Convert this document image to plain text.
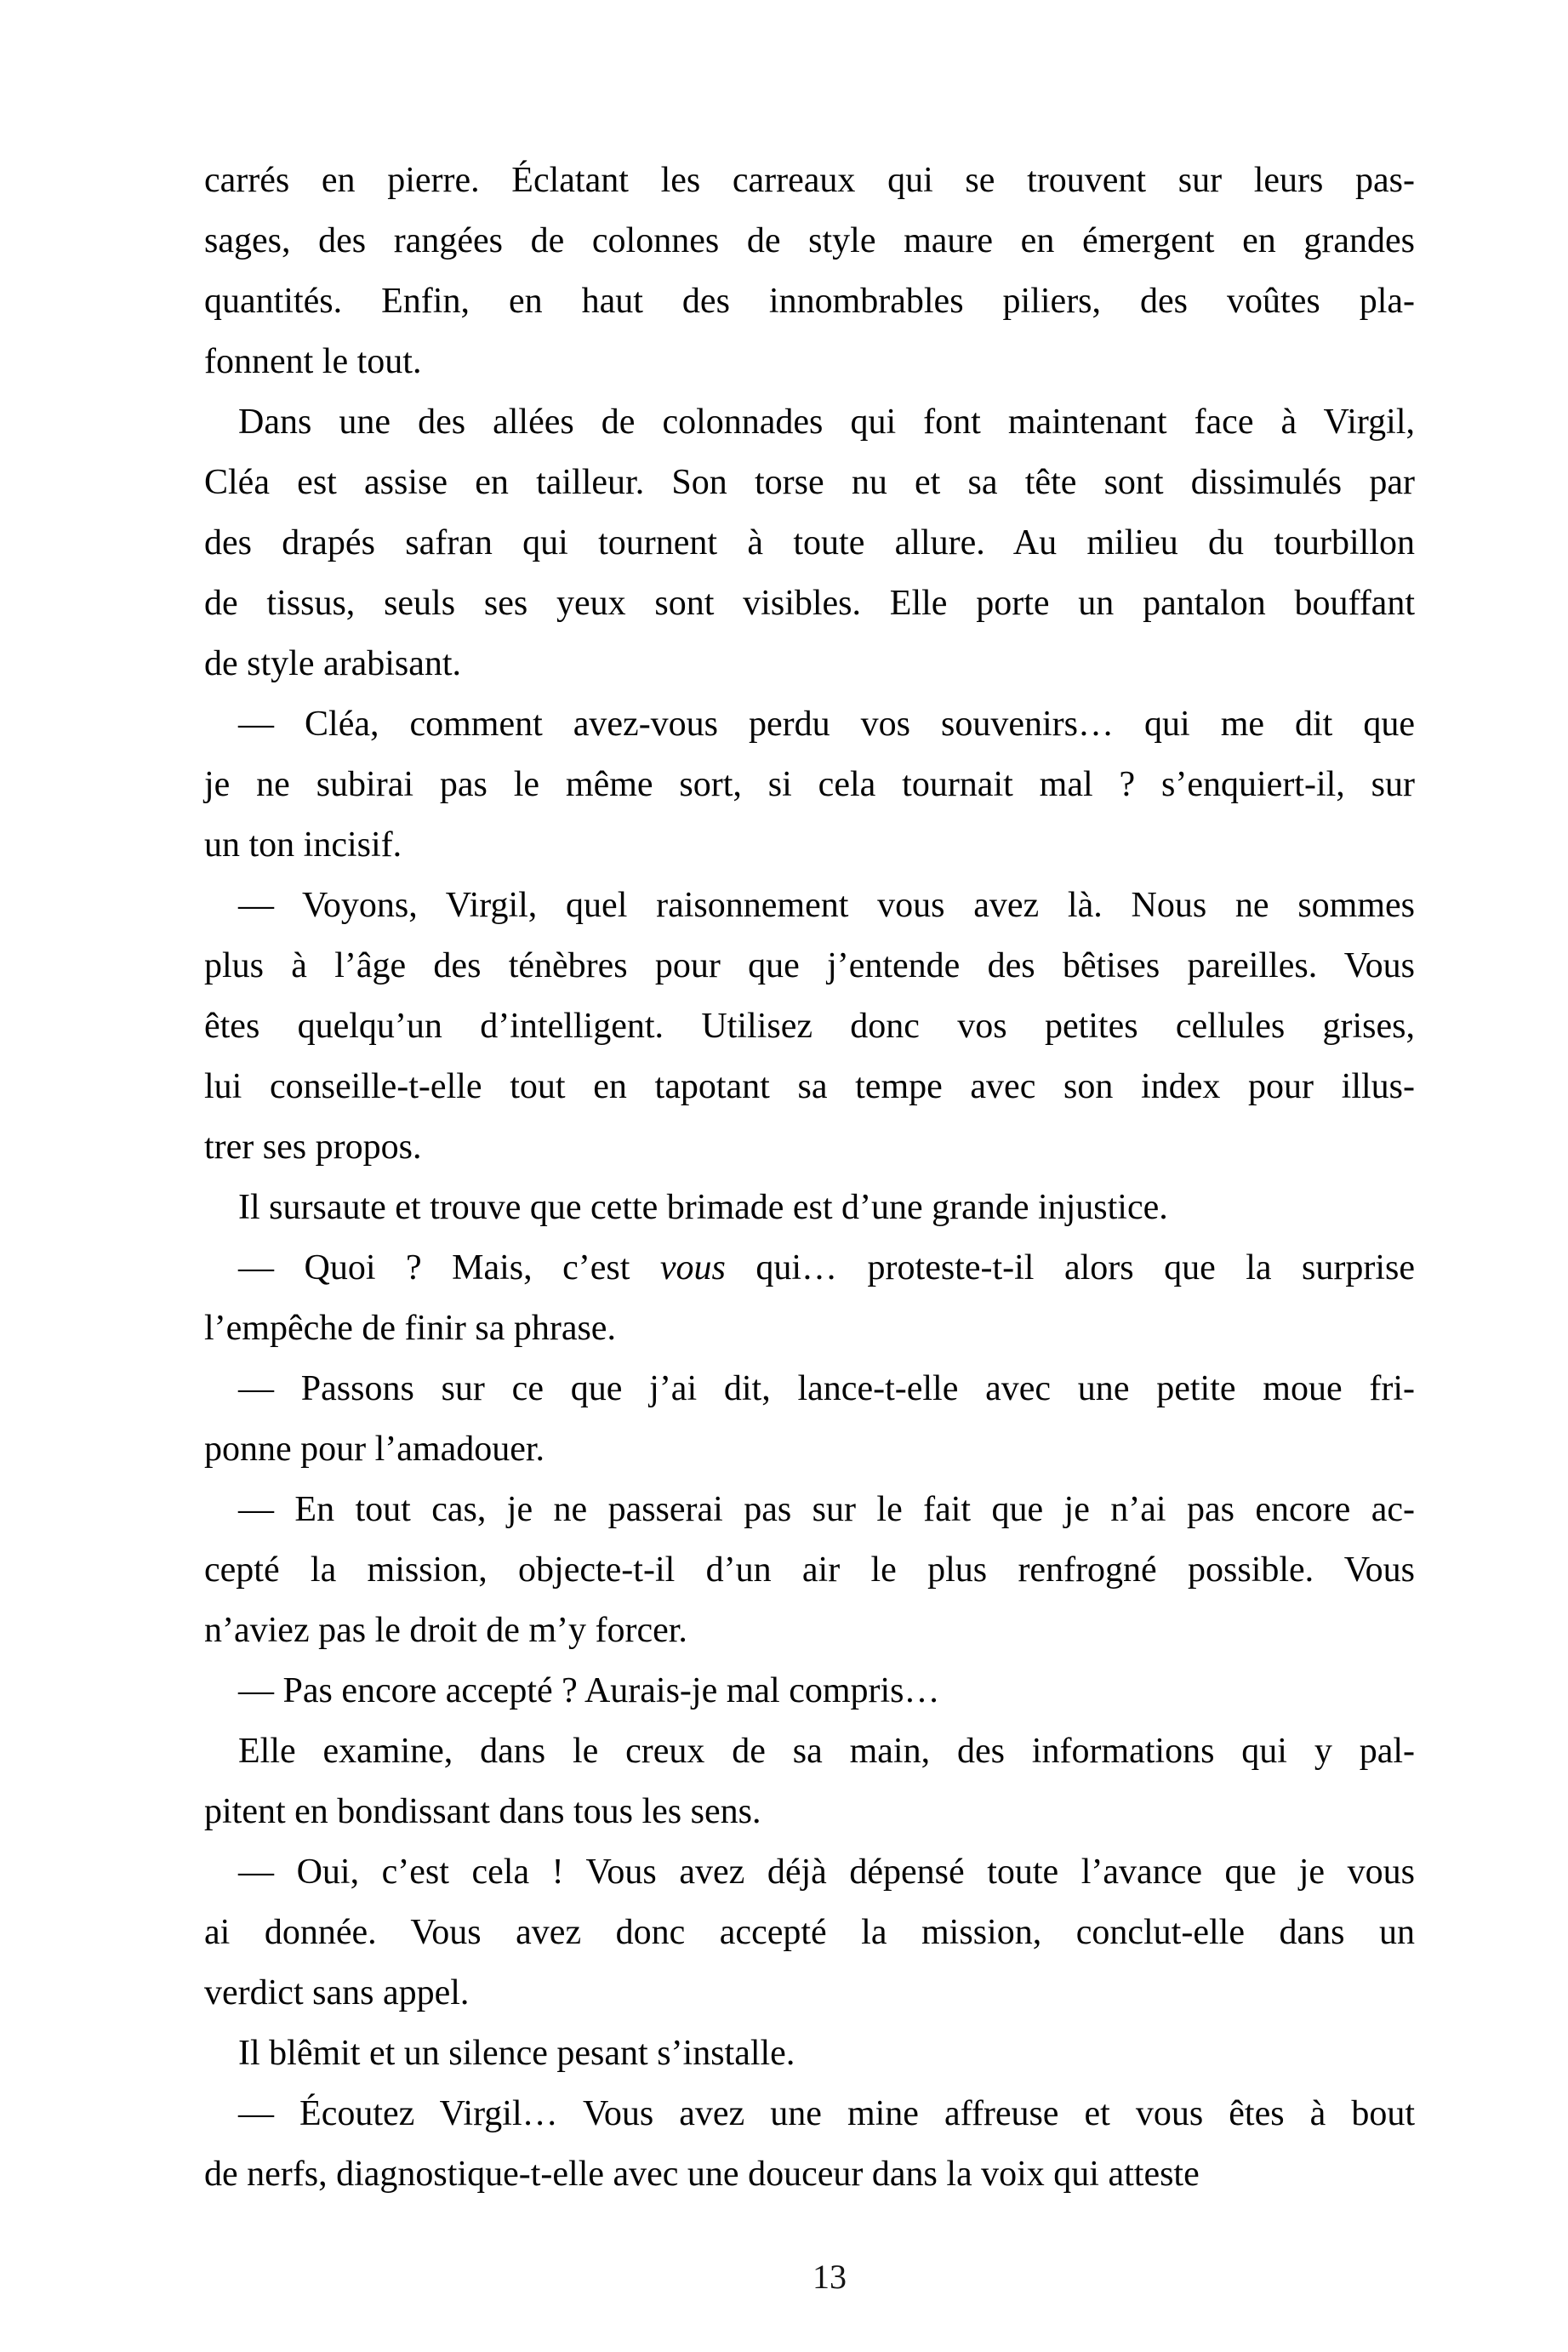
carrés en pierre. Éclatant les carreaux qui se trouvent sur leurs pas-
sages, des rangées de colonnes de style maure en émergent en grandes
quantités. Enfin, en haut des innombrables piliers, des voûtes pla-
fonnent le tout.
Dans une des allées de colonnades qui font maintenant face à Virgil,
Cléa est assise en tailleur. Son torse nu et sa tête sont dissimulés par
des drapés safran qui tournent à toute allure. Au milieu du tourbillon
de tissus, seuls ses yeux sont visibles. Elle porte un pantalon bouffant
de style arabisant.
— Cléa, comment avez-vous perdu vos souvenirs… qui me dit que
je ne subirai pas le même sort, si cela tournait mal ? s’enquiert-il, sur
un ton incisif.
— Voyons, Virgil, quel raisonnement vous avez là. Nous ne sommes
plus à l’âge des ténèbres pour que j’entende des bêtises pareilles. Vous
êtes quelqu’un d’intelligent. Utilisez donc vos petites cellules grises,
lui conseille-t-elle tout en tapotant sa tempe avec son index pour illus-
trer ses propos.
Il sursaute et trouve que cette brimade est d’une grande injustice.
— Quoi ? Mais, c’est vous qui… proteste-t-il alors que la surprise
l’empêche de finir sa phrase.
— Passons sur ce que j’ai dit, lance-t-elle avec une petite moue fri-
ponne pour l’amadouer.
— En tout cas, je ne passerai pas sur le fait que je n’ai pas encore ac-
cepté la mission, objecte-t-il d’un air le plus renfrogné possible. Vous
n’aviez pas le droit de m’y forcer.
— Pas encore accepté ? Aurais-je mal compris…
Elle examine, dans le creux de sa main, des informations qui y pal-
pitent en bondissant dans tous les sens.
— Oui, c’est cela ! Vous avez déjà dépensé toute l’avance que je vous
ai donnée. Vous avez donc accepté la mission, conclut-elle dans un
verdict sans appel.
Il blêmit et un silence pesant s’installe.
— Écoutez Virgil… Vous avez une mine affreuse et vous êtes à bout
de nerfs, diagnostique-t-elle avec une douceur dans la voix qui atteste
13
